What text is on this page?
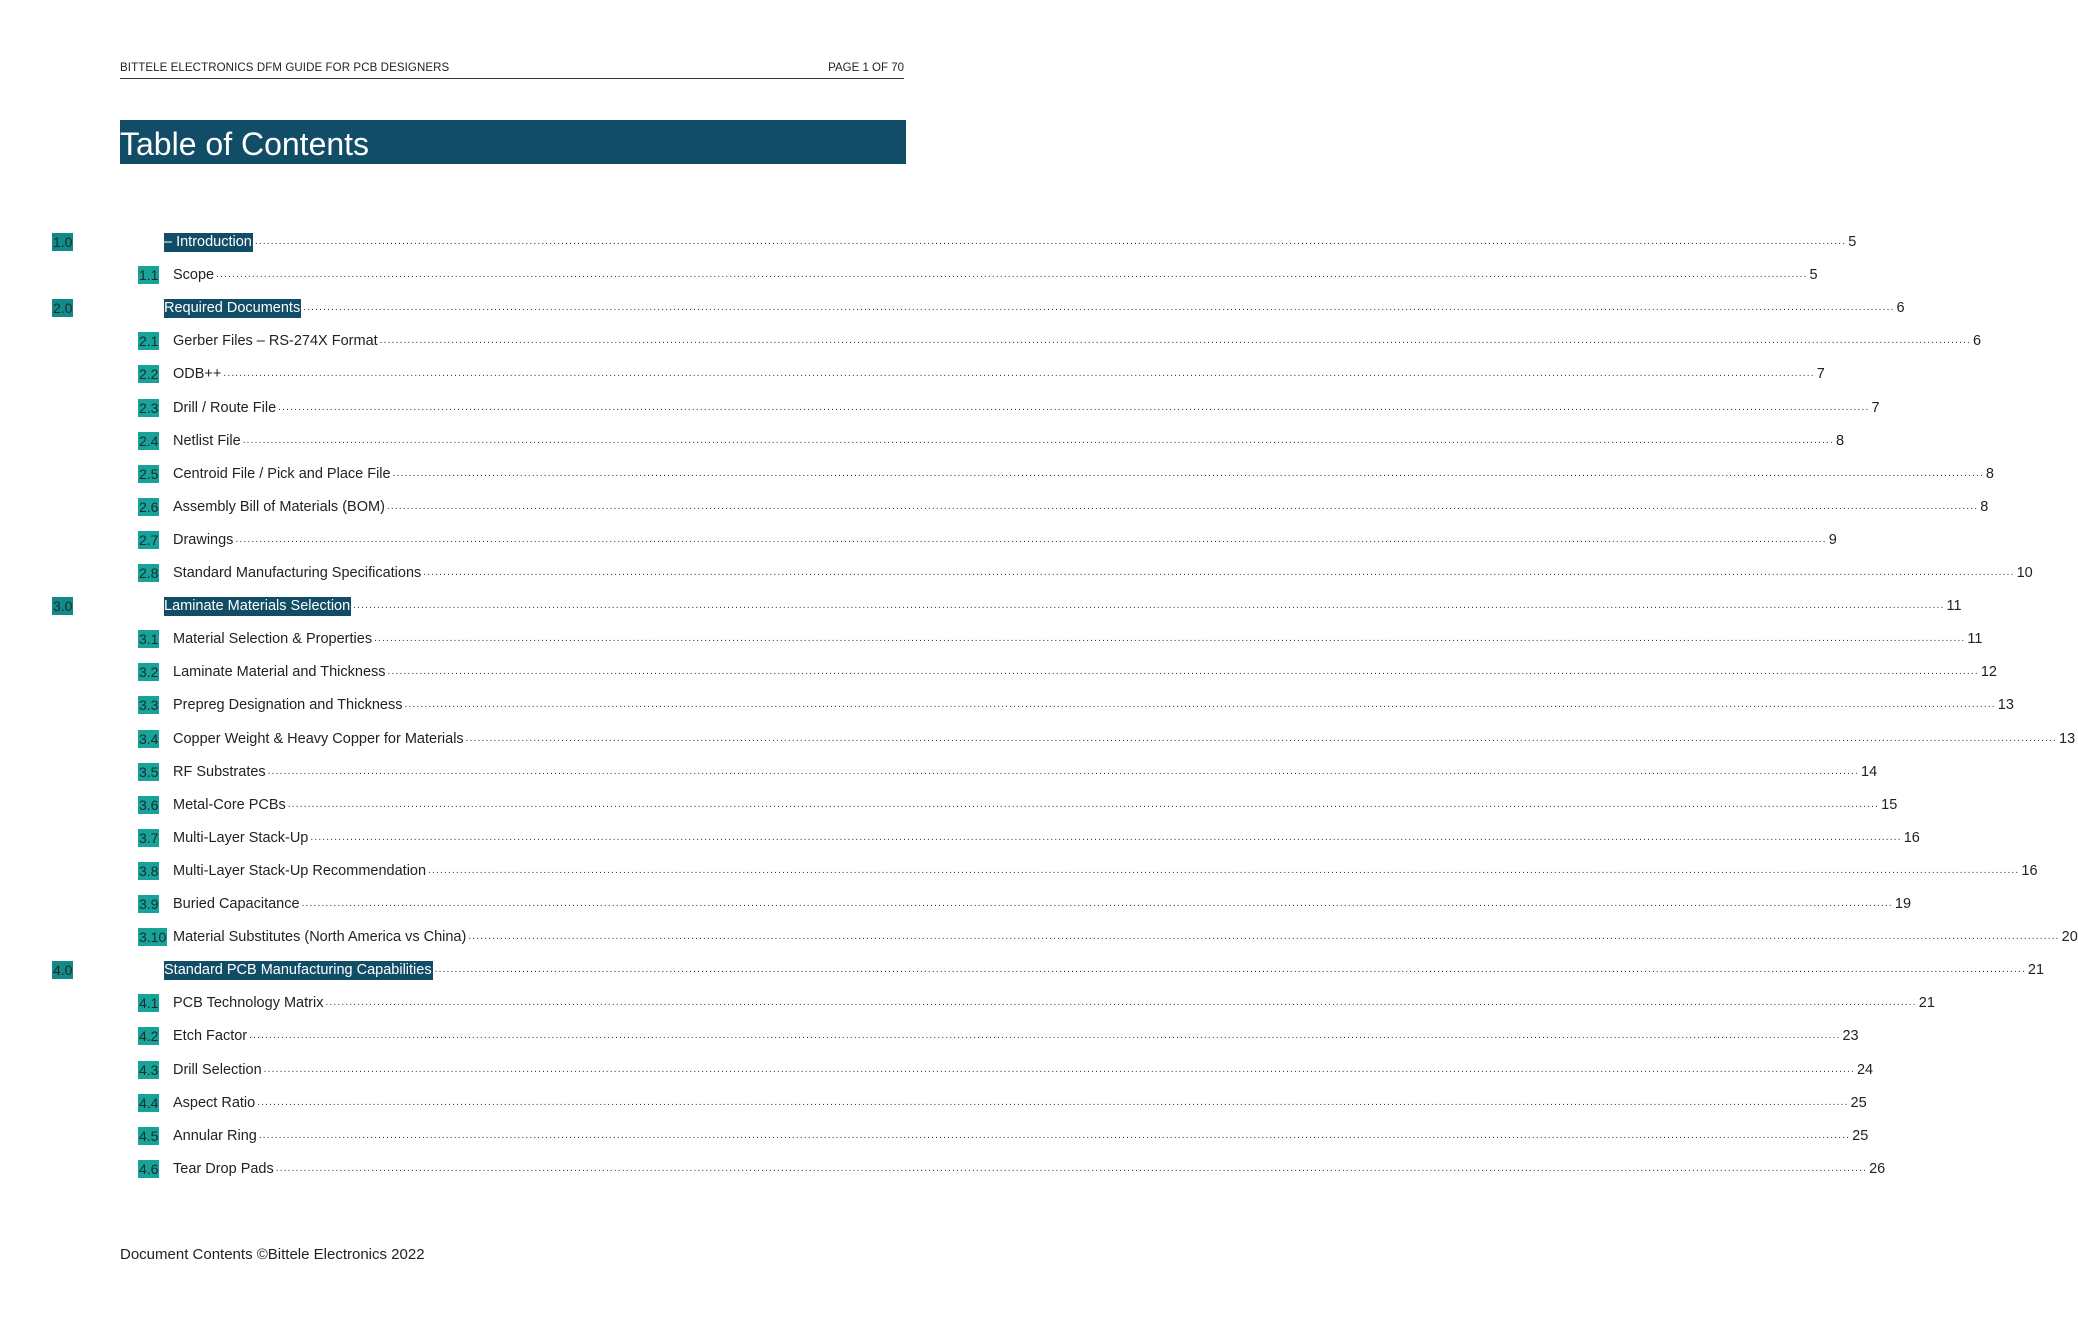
BITTELE ELECTRONICS DFM GUIDE FOR PCB DESIGNERS	PAGE 1 OF 70
Table of Contents
1.0	– Introduction ................................................................................................................................................................................................................................................................................................................................................................................................................ 5
1.1 Scope ................................................................................................................................................................................................................................................................................................................................................................................................................ 5
2.0	Required Documents ................................................................................................................................................................................................................................................................................................................................................................................................................ 6
2.1 Gerber Files – RS-274X Format ................................................................................................................................................................................................................................................................................................................................................................................................................ 6
2.2 ODB++ ................................................................................................................................................................................................................................................................................................................................................................................................................ 7
2.3 Drill / Route File ................................................................................................................................................................................................................................................................................................................................................................................................................ 7
2.4 Netlist File ................................................................................................................................................................................................................................................................................................................................................................................................................ 8
2.5 Centroid File / Pick and Place File ................................................................................................................................................................................................................................................................................................................................................................................................................ 8
2.6 Assembly Bill of Materials (BOM) ................................................................................................................................................................................................................................................................................................................................................................................................................ 8
2.7 Drawings ................................................................................................................................................................................................................................................................................................................................................................................................................ 9
2.8 Standard Manufacturing Specifications ................................................................................................................................................................................................................................................................................................................................................................................................................ 10
3.0	Laminate Materials Selection ................................................................................................................................................................................................................................................................................................................................................................................................................ 11
3.1 Material Selection & Properties ................................................................................................................................................................................................................................................................................................................................................................................................................ 11
3.2 Laminate Material and Thickness ................................................................................................................................................................................................................................................................................................................................................................................................................ 12
3.3 Prepreg Designation and Thickness ................................................................................................................................................................................................................................................................................................................................................................................................................ 13
3.4 Copper Weight & Heavy Copper for Materials ................................................................................................................................................................................................................................................................................................................................................................................................................ 13
3.5 RF Substrates ................................................................................................................................................................................................................................................................................................................................................................................................................ 14
3.6 Metal-Core PCBs ................................................................................................................................................................................................................................................................................................................................................................................................................ 15
3.7 Multi-Layer Stack-Up ................................................................................................................................................................................................................................................................................................................................................................................................................ 16
3.8 Multi-Layer Stack-Up Recommendation ................................................................................................................................................................................................................................................................................................................................................................................................................ 16
3.9 Buried Capacitance ................................................................................................................................................................................................................................................................................................................................................................................................................ 19
3.10 Material Substitutes (North America vs China) ................................................................................................................................................................................................................................................................................................................................................................................................................ 20
4.0	Standard PCB Manufacturing Capabilities ................................................................................................................................................................................................................................................................................................................................................................................................................ 21
4.1 PCB Technology Matrix ................................................................................................................................................................................................................................................................................................................................................................................................................ 21
4.2 Etch Factor ................................................................................................................................................................................................................................................................................................................................................................................................................ 23
4.3 Drill Selection ................................................................................................................................................................................................................................................................................................................................................................................................................ 24
4.4 Aspect Ratio ................................................................................................................................................................................................................................................................................................................................................................................................................ 25
4.5 Annular Ring ................................................................................................................................................................................................................................................................................................................................................................................................................ 25
4.6 Tear Drop Pads ................................................................................................................................................................................................................................................................................................................................................................................................................ 26
Document Contents ©Bittele Electronics 2022
